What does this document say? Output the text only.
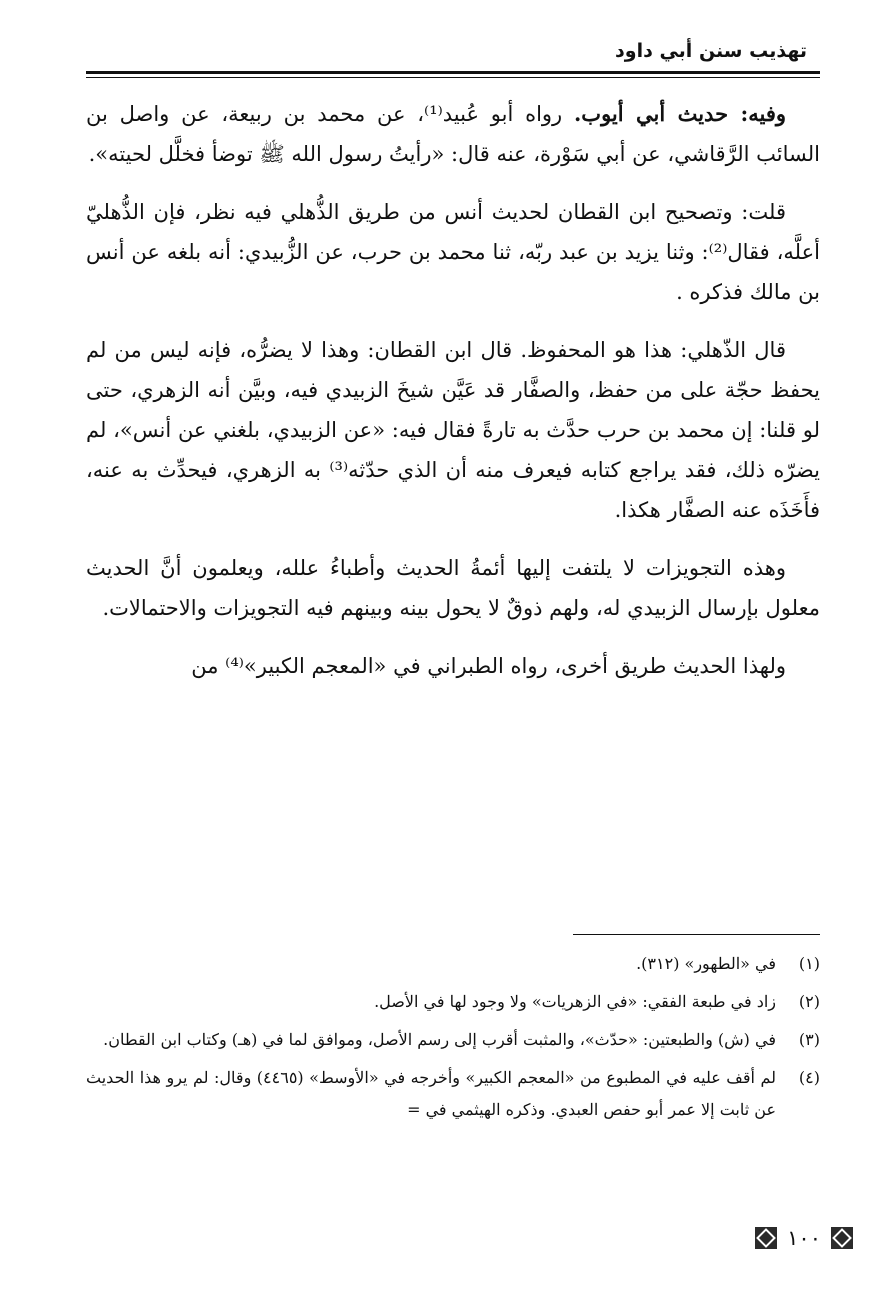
تهذيب سنن أبي داود

وفيه: حديث أبي أيوب. رواه أبو عُبيد⁽¹⁾، عن محمد بن ربيعة، عن واصل بن السائب الرَّقاشي، عن أبي سَوْرة، عنه قال: «رأيتُ رسول الله ﷺ توضأ فخلَّل لحيته».

قلت: وتصحيح ابن القطان لحديث أنس من طريق الذُّهلي فيه نظر، فإن الذُّهليّ أعلَّه، فقال⁽²⁾: وثنا يزيد بن عبد ربّه، ثنا محمد بن حرب، عن الزُّبيدي: أنه بلغه عن أنس بن مالك فذكره .

قال الذّهلي: هذا هو المحفوظ. قال ابن القطان: وهذا لا يضرُّه، فإنه ليس من لم يحفظ حجّة على من حفظ، والصفَّار قد عَيَّن شيخَ الزبيدي فيه، وبيَّن أنه الزهري، حتى لو قلنا: إن محمد بن حرب حدَّث به تارةً فقال فيه: «عن الزبيدي، بلغني عن أنس»، لم يضرّه ذلك، فقد يراجع كتابه فيعرف منه أن الذي حدّثه⁽³⁾ به الزهري، فيحدِّث به عنه، فأَخَذَه عنه الصفَّار هكذا.

وهذه التجويزات لا يلتفت إليها أئمةُ الحديث وأطباءُ علله، ويعلمون أنَّ الحديث معلول بإرسال الزبيدي له، ولهم ذوقٌ لا يحول بينه وبينهم فيه التجويزات والاحتمالات.

ولهذا الحديث طريق أخرى، رواه الطبراني في «المعجم الكبير»⁽⁴⁾ من

(١)
في «الطهور» (٣١٢).
(٢)
زاد في طبعة الفقي: «في الزهريات» ولا وجود لها في الأصل.
(٣)
في (ش) والطبعتين: «حدّث»، والمثبت أقرب إلى رسم الأصل، وموافق لما في (هـ) وكتاب ابن القطان.
(٤)
لم أقف عليه في المطبوع من «المعجم الكبير» وأخرجه في «الأوسط» (٤٤٦٥) وقال: لم يرو هذا الحديث عن ثابت إلا عمر أبو حفص العبدي. وذكره الهيثمي في =
١٠٠
